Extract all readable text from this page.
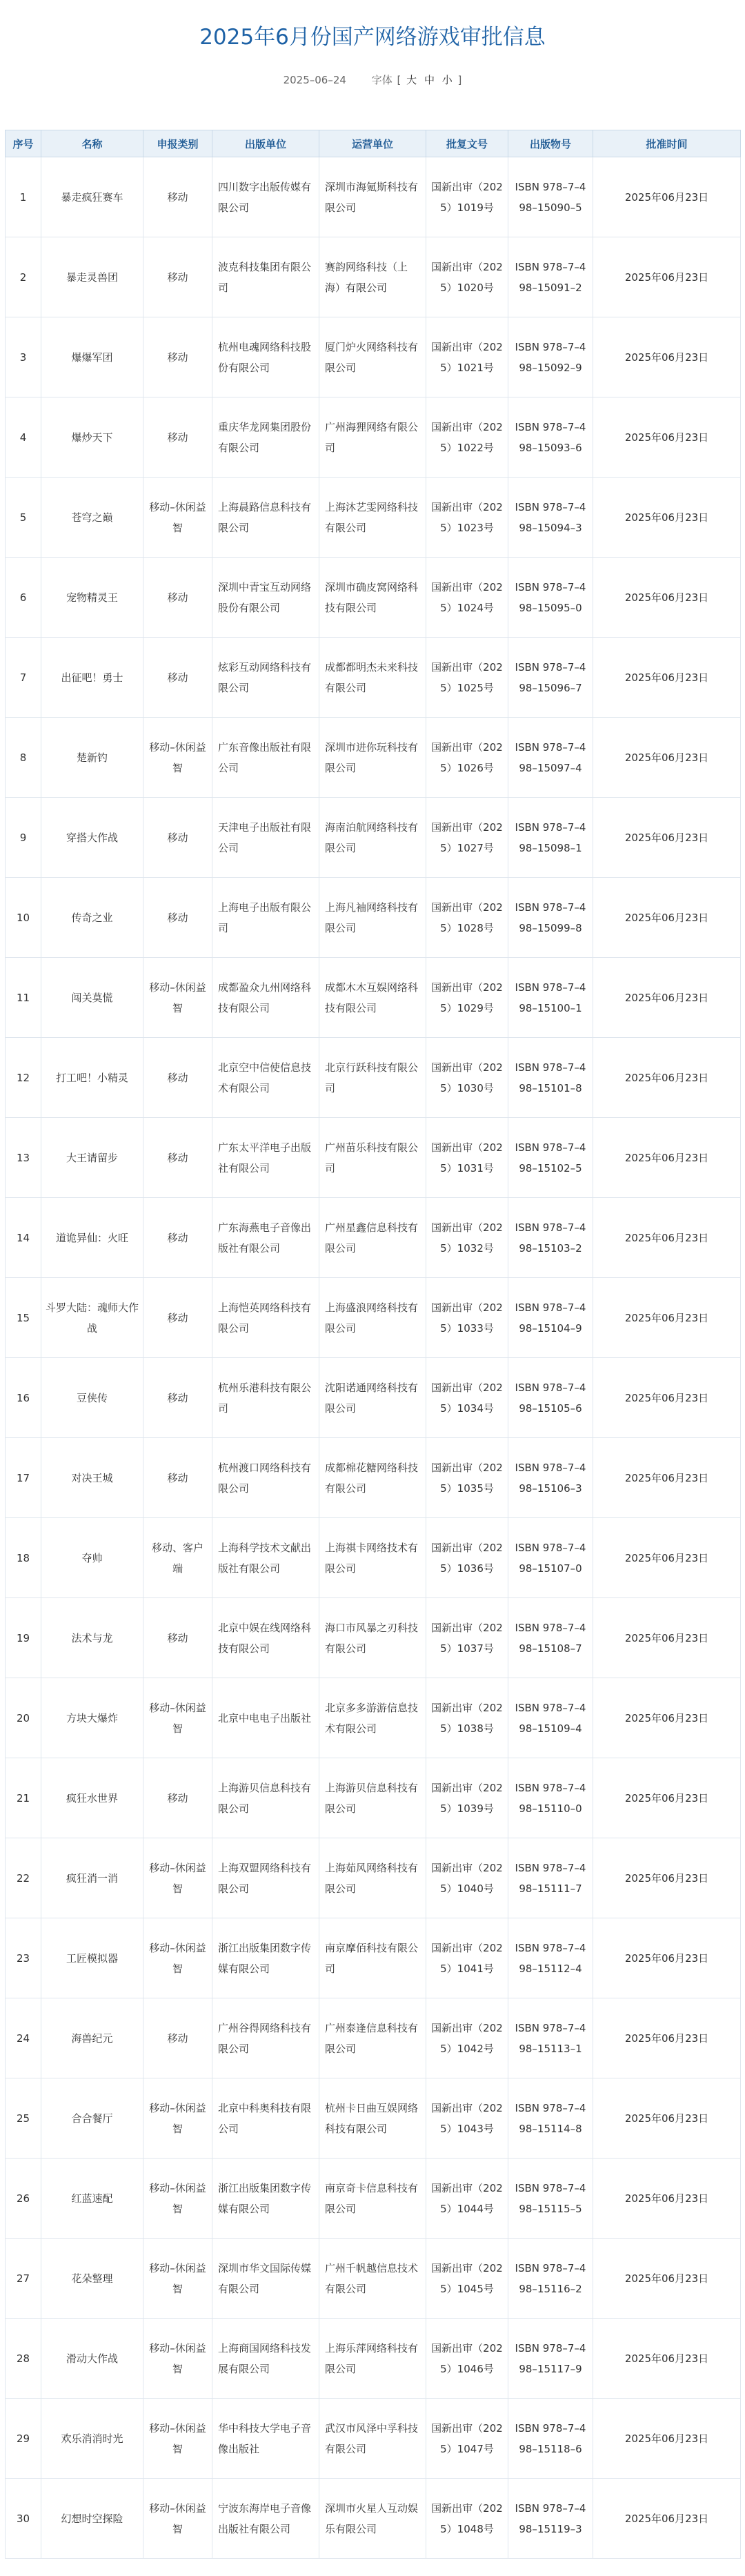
2025年6月份国产网络游戏审批信息
2025–06–24 字体 [ 大 中 小 ]
序号	名称	申报类别	出版单位	运营单位	批复文号	出版物号	批准时间
1	暴走疯狂赛车	移动	四川数字出版传媒有限公司	深圳市海氪斯科技有限公司	国新出审（2025）1019号	ISBN 978–7–498–15090–5	2025年06月23日
2	暴走灵兽团	移动	波克科技集团有限公司	赛韵网络科技（上海）有限公司	国新出审（2025）1020号	ISBN 978–7–498–15091–2	2025年06月23日
3	爆爆军团	移动	杭州电魂网络科技股份有限公司	厦门炉火网络科技有限公司	国新出审（2025）1021号	ISBN 978–7–498–15092–9	2025年06月23日
4	爆炒天下	移动	重庆华龙网集团股份有限公司	广州海狸网络有限公司	国新出审（2025）1022号	ISBN 978–7–498–15093–6	2025年06月23日
5	苍穹之巅	移动–休闲益智	上海晨路信息科技有限公司	上海沐艺雯网络科技有限公司	国新出审（2025）1023号	ISBN 978–7–498–15094–3	2025年06月23日
6	宠物精灵王	移动	深圳中青宝互动网络股份有限公司	深圳市确皮窝网络科技有限公司	国新出审（2025）1024号	ISBN 978–7–498–15095–0	2025年06月23日
7	出征吧！勇士	移动	炫彩互动网络科技有限公司	成都都明杰未来科技有限公司	国新出审（2025）1025号	ISBN 978–7–498–15096–7	2025年06月23日
8	楚新钓	移动–休闲益智	广东音像出版社有限公司	深圳市进你玩科技有限公司	国新出审（2025）1026号	ISBN 978–7–498–15097–4	2025年06月23日
9	穿搭大作战	移动	天津电子出版社有限公司	海南泊航网络科技有限公司	国新出审（2025）1027号	ISBN 978–7–498–15098–1	2025年06月23日
10	传奇之业	移动	上海电子出版有限公司	上海凡袖网络科技有限公司	国新出审（2025）1028号	ISBN 978–7–498–15099–8	2025年06月23日
11	闯关莫慌	移动–休闲益智	成都盈众九州网络科技有限公司	成都木木互娱网络科技有限公司	国新出审（2025）1029号	ISBN 978–7–498–15100–1	2025年06月23日
12	打工吧！小精灵	移动	北京空中信使信息技术有限公司	北京行跃科技有限公司	国新出审（2025）1030号	ISBN 978–7–498–15101–8	2025年06月23日
13	大王请留步	移动	广东太平洋电子出版社有限公司	广州苗乐科技有限公司	国新出审（2025）1031号	ISBN 978–7–498–15102–5	2025年06月23日
14	道诡异仙：火旺	移动	广东海燕电子音像出版社有限公司	广州星鑫信息科技有限公司	国新出审（2025）1032号	ISBN 978–7–498–15103–2	2025年06月23日
15	斗罗大陆：魂师大作战	移动	上海恺英网络科技有限公司	上海盛浪网络科技有限公司	国新出审（2025）1033号	ISBN 978–7–498–15104–9	2025年06月23日
16	豆侠传	移动	杭州乐港科技有限公司	沈阳诺通网络科技有限公司	国新出审（2025）1034号	ISBN 978–7–498–15105–6	2025年06月23日
17	对决王城	移动	杭州渡口网络科技有限公司	成都棉花糖网络科技有限公司	国新出审（2025）1035号	ISBN 978–7–498–15106–3	2025年06月23日
18	夺帅	移动、客户端	上海科学技术文献出版社有限公司	上海祺卡网络技术有限公司	国新出审（2025）1036号	ISBN 978–7–498–15107–0	2025年06月23日
19	法术与龙	移动	北京中娱在线网络科技有限公司	海口市风暴之刃科技有限公司	国新出审（2025）1037号	ISBN 978–7–498–15108–7	2025年06月23日
20	方块大爆炸	移动–休闲益智	北京中电电子出版社	北京多多游游信息技术有限公司	国新出审（2025）1038号	ISBN 978–7–498–15109–4	2025年06月23日
21	疯狂水世界	移动	上海游贝信息科技有限公司	上海游贝信息科技有限公司	国新出审（2025）1039号	ISBN 978–7–498–15110–0	2025年06月23日
22	疯狂消一消	移动–休闲益智	上海双盟网络科技有限公司	上海茹风网络科技有限公司	国新出审（2025）1040号	ISBN 978–7–498–15111–7	2025年06月23日
23	工匠模拟器	移动–休闲益智	浙江出版集团数字传媒有限公司	南京摩佰科技有限公司	国新出审（2025）1041号	ISBN 978–7–498–15112–4	2025年06月23日
24	海兽纪元	移动	广州谷得网络科技有限公司	广州泰逢信息科技有限公司	国新出审（2025）1042号	ISBN 978–7–498–15113–1	2025年06月23日
25	合合餐厅	移动–休闲益智	北京中科奥科技有限公司	杭州卡日曲互娱网络科技有限公司	国新出审（2025）1043号	ISBN 978–7–498–15114–8	2025年06月23日
26	红蓝速配	移动–休闲益智	浙江出版集团数字传媒有限公司	南京奇卡信息科技有限公司	国新出审（2025）1044号	ISBN 978–7–498–15115–5	2025年06月23日
27	花朵整理	移动–休闲益智	深圳市华文国际传媒有限公司	广州千帆越信息技术有限公司	国新出审（2025）1045号	ISBN 978–7–498–15116–2	2025年06月23日
28	滑动大作战	移动–休闲益智	上海商国网络科技发展有限公司	上海乐萍网络科技有限公司	国新出审（2025）1046号	ISBN 978–7–498–15117–9	2025年06月23日
29	欢乐消消时光	移动–休闲益智	华中科技大学电子音像出版社	武汉市风泽中孚科技有限公司	国新出审（2025）1047号	ISBN 978–7–498–15118–6	2025年06月23日
30	幻想时空探险	移动–休闲益智	宁波东海岸电子音像出版社有限公司	深圳市火星人互动娱乐有限公司	国新出审（2025）1048号	ISBN 978–7–498–15119–3	2025年06月23日
